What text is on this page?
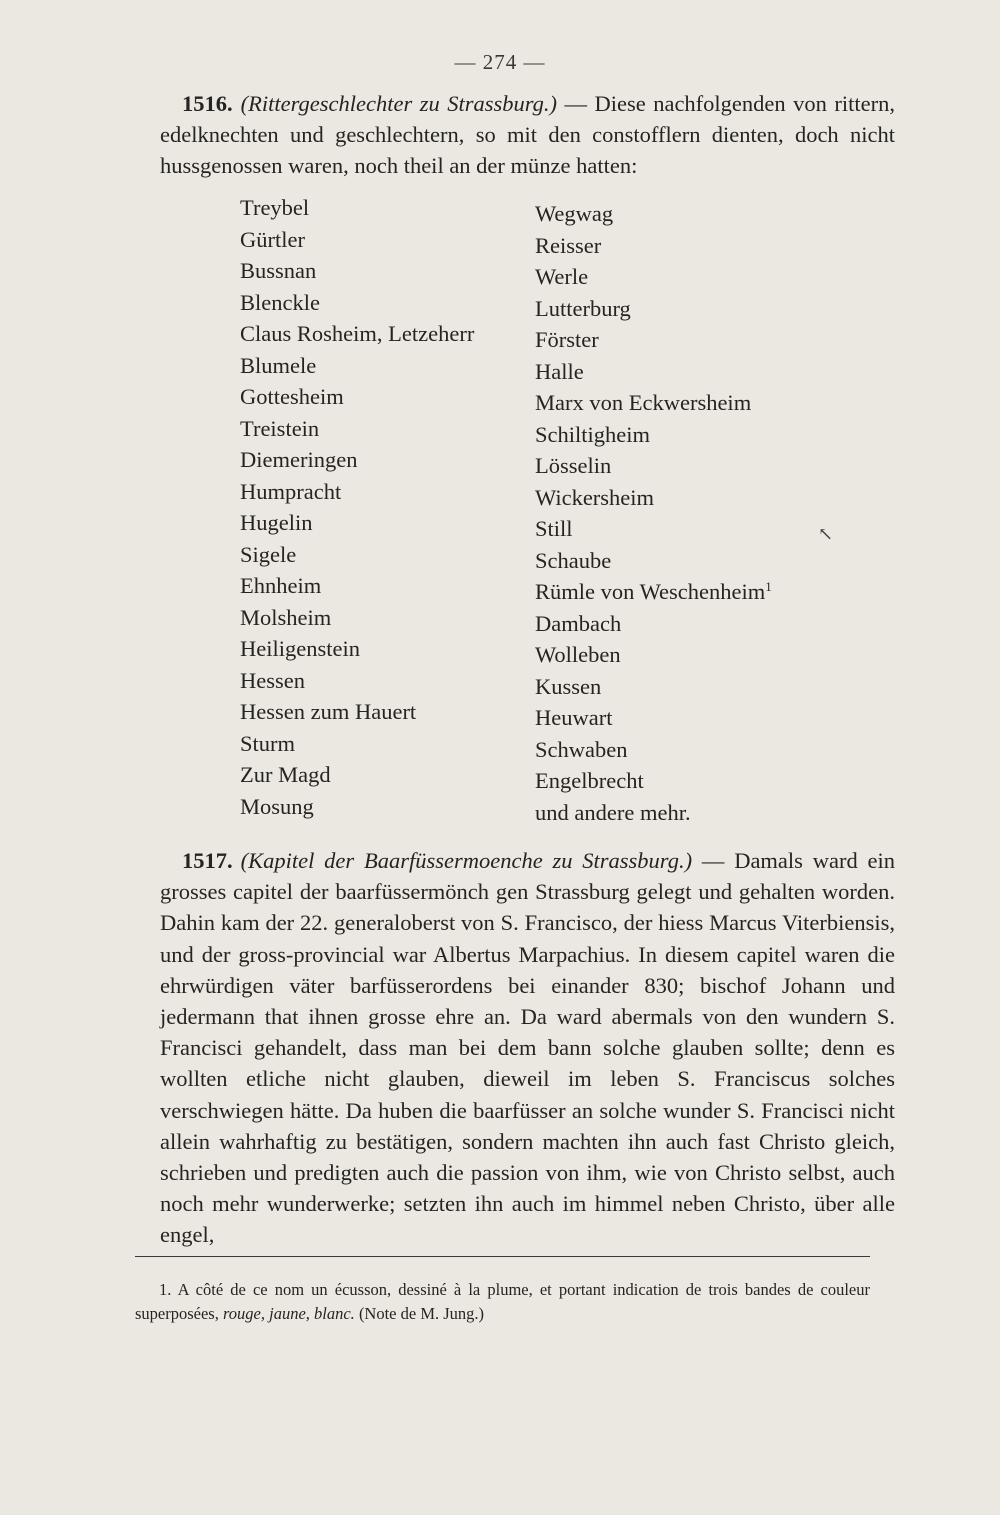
— 274 —

1516. (Rittergeschlechter zu Strassburg.) — Diese nachfolgenden von rittern, edelknechten und geschlechtern, so mit den constofflern dienten, doch nicht hussgenossen waren, noch theil an der münze hatten:

Treybel
Gürtler
Bussnan
Blenckle
Claus Rosheim, Letzeherr
Blumele
Gottesheim
Treistein
Diemeringen
Humpracht
Hugelin
Sigele
Ehnheim
Molsheim
Heiligenstein
Hessen
Hessen zum Hauert
Sturm
Zur Magd
Mosung
Wegwag
Reisser
Werle
Lutterburg
Förster
Halle
Marx von Eckwersheim
Schiltigheim
Lösselin
Wickersheim
Still
Schaube
Rümle von Weschenheim$^1$
Dambach
Wolleben
Kussen
Heuwart
Schwaben
Engelbrecht
und andere mehr.
↖

1517. (Kapitel der Baarfüssermoenche zu Strassburg.) — Damals ward ein grosses capitel der baarfüssermönch gen Strassburg gelegt und gehalten worden. Dahin kam der 22. generaloberst von S. Francisco, der hiess Marcus Viterbiensis, und der gross-provincial war Albertus Marpachius. In diesem capitel waren die ehrwürdigen väter barfüsserordens bei einander 830; bischof Johann und jedermann that ihnen grosse ehre an. Da ward abermals von den wundern S. Francisci gehandelt, dass man bei dem bann solche glauben sollte; denn es wollten etliche nicht glauben, dieweil im leben S. Franciscus solches verschwiegen hätte. Da huben die baarfüsser an solche wunder S. Francisci nicht allein wahrhaftig zu bestätigen, sondern machten ihn auch fast Christo gleich, schrieben und predigten auch die passion von ihm, wie von Christo selbst, auch noch mehr wunderwerke; setzten ihn auch im himmel neben Christo, über alle engel,

1. A côté de ce nom un écusson, dessiné à la plume, et portant indication de trois bandes de couleur superposées, rouge, jaune, blanc. (Note de M. Jung.)
